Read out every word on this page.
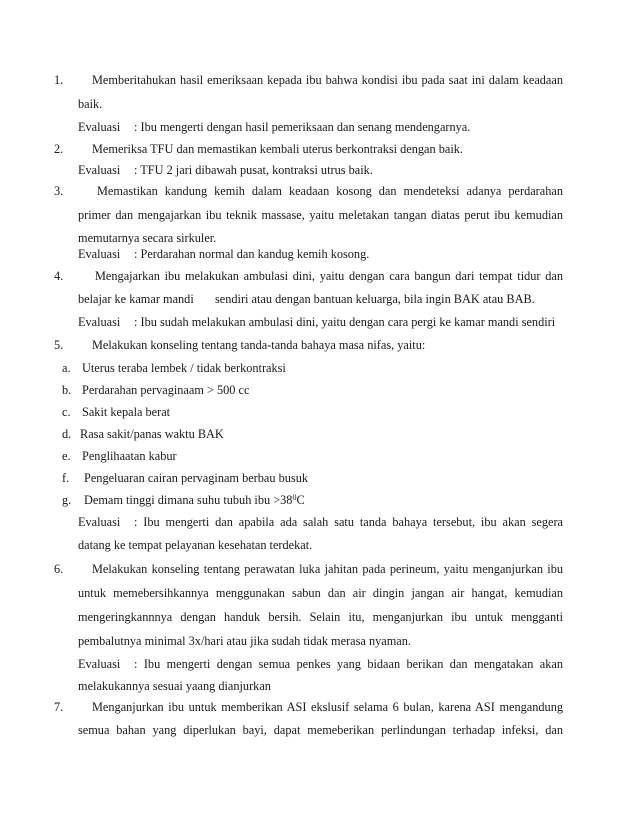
1. Memberitahukan hasil emeriksaan kepada ibu bahwa kondisi ibu pada saat ini dalam keadaan
baik.
Evaluasi : Ibu mengerti dengan hasil pemeriksaan dan senang mendengarnya.
2. Memeriksa TFU dan memastikan kembali uterus berkontraksi dengan baik.
Evaluasi : TFU 2 jari dibawah pusat, kontraksi utrus baik.
3.	Memastikan kandung kemih dalam keadaan kosong dan mendeteksi adanya perdarahan
primer dan mengajarkan ibu teknik massase, yaitu meletakan tangan diatas perut ibu kemudian
memutarnya secara sirkuler.
Evaluasi : Perdarahan normal dan kandug kemih kosong.
4.	Mengajarkan ibu melakukan ambulasi dini, yaitu dengan cara bangun dari tempat tidur dan
belajar ke kamar mandi sendiri atau dengan bantuan keluarga, bila ingin BAK atau BAB.
Evaluasi : Ibu sudah melakukan ambulasi dini, yaitu dengan cara pergi ke kamar mandi sendiri
5. Melakukan konseling tentang tanda-tanda bahaya masa nifas, yaitu:
a. Uterus teraba lembek / tidak berkontraksi
b. Perdarahan pervaginaam > 500 cc
c. Sakit kepala berat
d. Rasa sakit/panas waktu BAK
e. Penglihaatan kabur
f. Pengeluaran cairan pervaginam berbau busuk
g. Demam tinggi dimana suhu tubuh ibu $>38^0C$
Evaluasi : Ibu mengerti dan apabila ada salah satu tanda bahaya tersebut, ibu akan segera
datang ke tempat pelayanan kesehatan terdekat.
6. Melakukan konseling tentang perawatan luka jahitan pada perineum, yaitu menganjurkan ibu
untuk memebersihkannya menggunakan sabun dan air dingin jangan air hangat, kemudian
mengeringkannnya dengan handuk bersih. Selain itu, menganjurkan ibu untuk mengganti
pembalutnya minimal 3x/hari atau jika sudah tidak merasa nyaman.
Evaluasi : Ibu mengerti dengan semua penkes yang bidaan berikan dan mengatakan akan
melakukannya sesuai yaang dianjurkan
7. Menganjurkan ibu untuk memberikan ASI ekslusif selama 6 bulan, karena ASI mengandung
semua bahan yang diperlukan bayi, dapat memeberikan perlindungan terhadap infeksi, dan
